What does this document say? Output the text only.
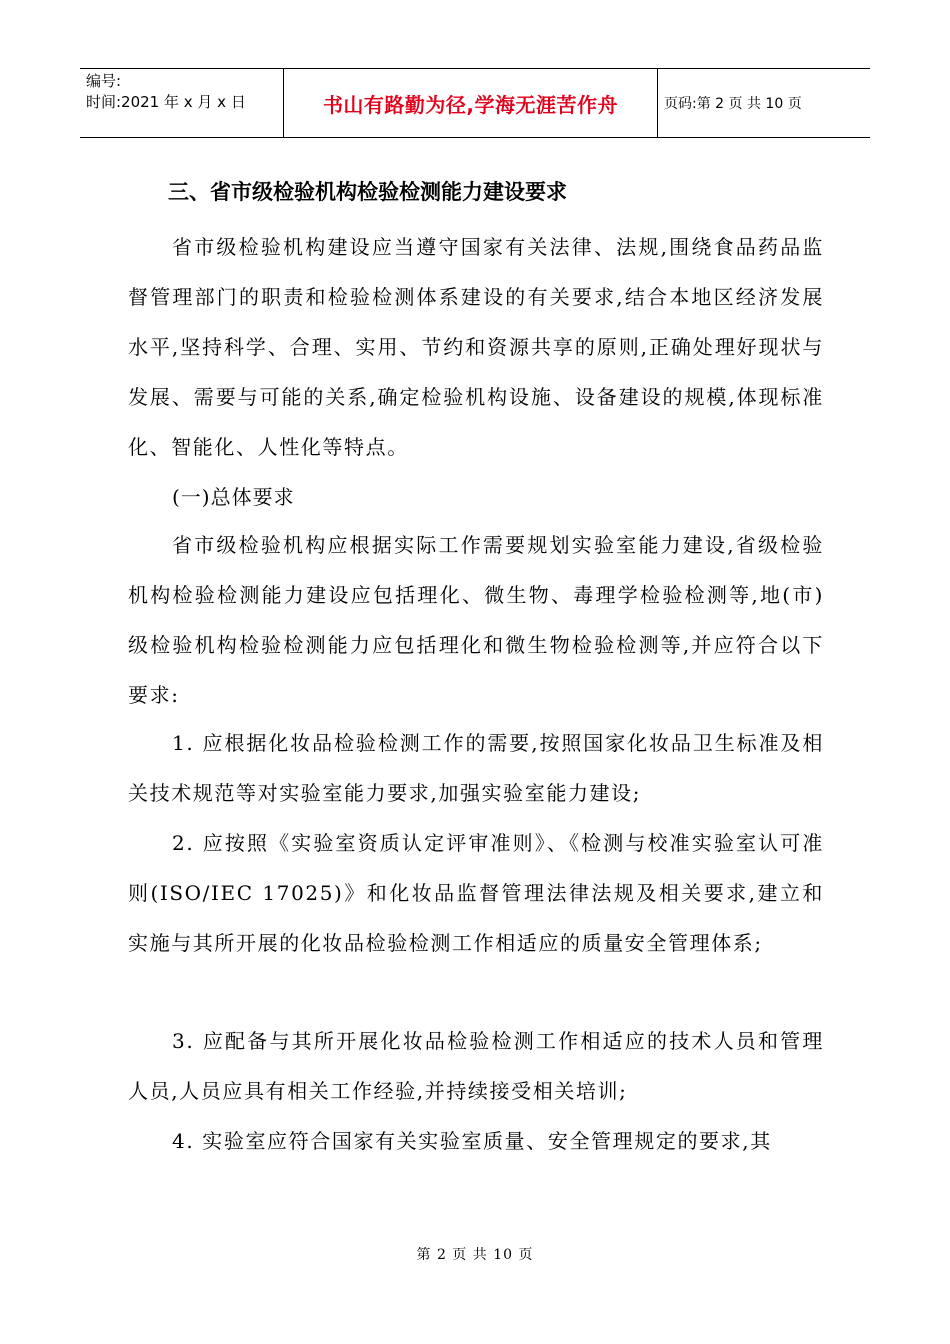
编号:
时间:2021 年 x 月 x 日	书山有路勤为径,学海无涯苦作舟	页码:第 2 页 共 10 页
三、省市级检验机构检验检测能力建设要求

省市级检验机构建设应当遵守国家有关法律、法规,围绕食品药品监督管理部门的职责和检验检测体系建设的有关要求,结合本地区经济发展水平,坚持科学、合理、实用、节约和资源共享的原则,正确处理好现状与发展、需要与可能的关系,确定检验机构设施、设备建设的规模,体现标准化、智能化、人性化等特点。

(一)总体要求

省市级检验机构应根据实际工作需要规划实验室能力建设,省级检验机构检验检测能力建设应包括理化、微生物、毒理学检验检测等,地(市)级检验机构检验检测能力应包括理化和微生物检验检测等,并应符合以下要求:

1. 应根据化妆品检验检测工作的需要,按照国家化妆品卫生标准及相关技术规范等对实验室能力要求,加强实验室能力建设;

2. 应按照《实验室资质认定评审准则》、《检测与校准实验室认可准则(ISO/IEC 17025)》和化妆品监督管理法律法规及相关要求,建立和实施与其所开展的化妆品检验检测工作相适应的质量安全管理体系;

3. 应配备与其所开展化妆品检验检测工作相适应的技术人员和管理人员,人员应具有相关工作经验,并持续接受相关培训;

4. 实验室应符合国家有关实验室质量、安全管理规定的要求,其

第 2 页 共 10 页
